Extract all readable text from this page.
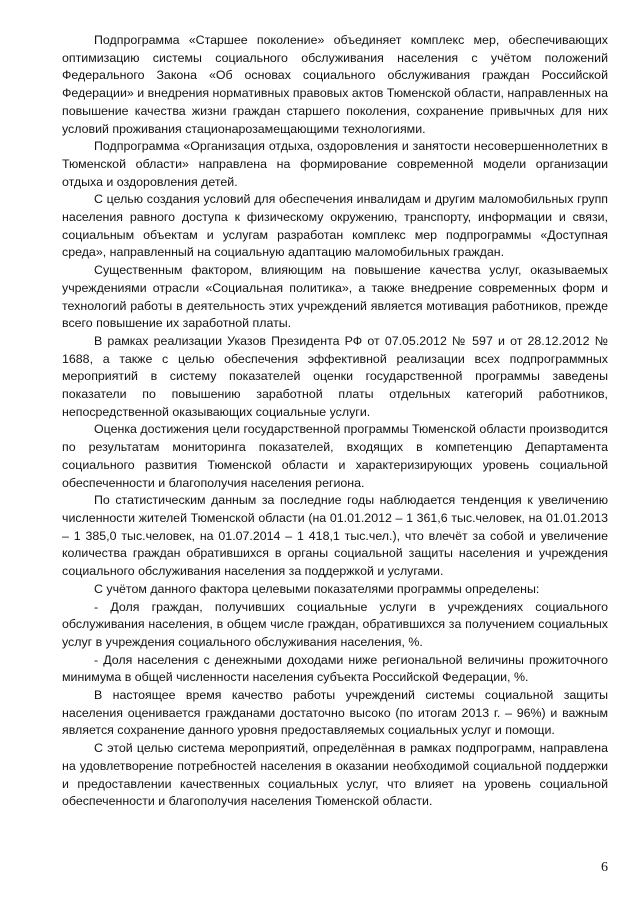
Подпрограмма «Старшее поколение» объединяет комплекс мер, обеспечивающих оптимизацию системы социального обслуживания населения с учётом положений Федерального Закона «Об основах социального обслуживания граждан Российской Федерации» и внедрения нормативных правовых актов Тюменской области, направленных на повышение качества жизни граждан старшего поколения, сохранение привычных для них условий проживания стационарозамещающими технологиями.

Подпрограмма «Организация отдыха, оздоровления и занятости несовершеннолетних в Тюменской области» направлена на формирование современной модели организации отдыха и оздоровления детей.

С целью создания условий для обеспечения инвалидам и другим маломобильных групп населения равного доступа к физическому окружению, транспорту, информации и связи, социальным объектам и услугам разработан комплекс мер подпрограммы «Доступная среда», направленный на социальную адаптацию маломобильных граждан.

Существенным фактором, влияющим на повышение качества услуг, оказываемых учреждениями отрасли «Социальная политика», а также внедрение современных форм и технологий работы в деятельность этих учреждений является мотивация работников, прежде всего повышение их заработной платы.

В рамках реализации Указов Президента РФ от 07.05.2012 № 597 и от 28.12.2012 № 1688, а также с целью обеспечения эффективной реализации всех подпрограммных мероприятий в систему показателей оценки государственной программы заведены показатели по повышению заработной платы отдельных категорий работников, непосредственной оказывающих социальные услуги.

Оценка достижения цели государственной программы Тюменской области производится по результатам мониторинга показателей, входящих в компетенцию Департамента социального развития Тюменской области и характеризирующих уровень социальной обеспеченности и благополучия населения региона.

По статистическим данным за последние годы наблюдается тенденция к увеличению численности жителей Тюменской области (на 01.01.2012 – 1 361,6 тыс.человек, на 01.01.2013 – 1 385,0 тыс.человек, на 01.07.2014 – 1 418,1 тыс.чел.), что влечёт за собой и увеличение количества граждан обратившихся в органы социальной защиты населения и учреждения социального обслуживания населения за поддержкой и услугами.

С учётом данного фактора целевыми показателями программы определены:

- Доля граждан, получивших социальные услуги в учреждениях социального обслуживания населения, в общем числе граждан, обратившихся за получением социальных услуг в учреждения социального обслуживания населения, %.

- Доля населения с денежными доходами ниже региональной величины прожиточного минимума в общей численности населения субъекта Российской Федерации, %.

В настоящее время качество работы учреждений системы социальной защиты населения оценивается гражданами достаточно высоко (по итогам 2013 г. – 96%) и важным является сохранение данного уровня предоставляемых социальных услуг и помощи.

С этой целью система мероприятий, определённая в рамках подпрограмм, направлена на удовлетворение потребностей населения в оказании необходимой социальной поддержки и предоставлении качественных социальных услуг, что влияет на уровень социальной обеспеченности и благополучия населения Тюменской области.

6
